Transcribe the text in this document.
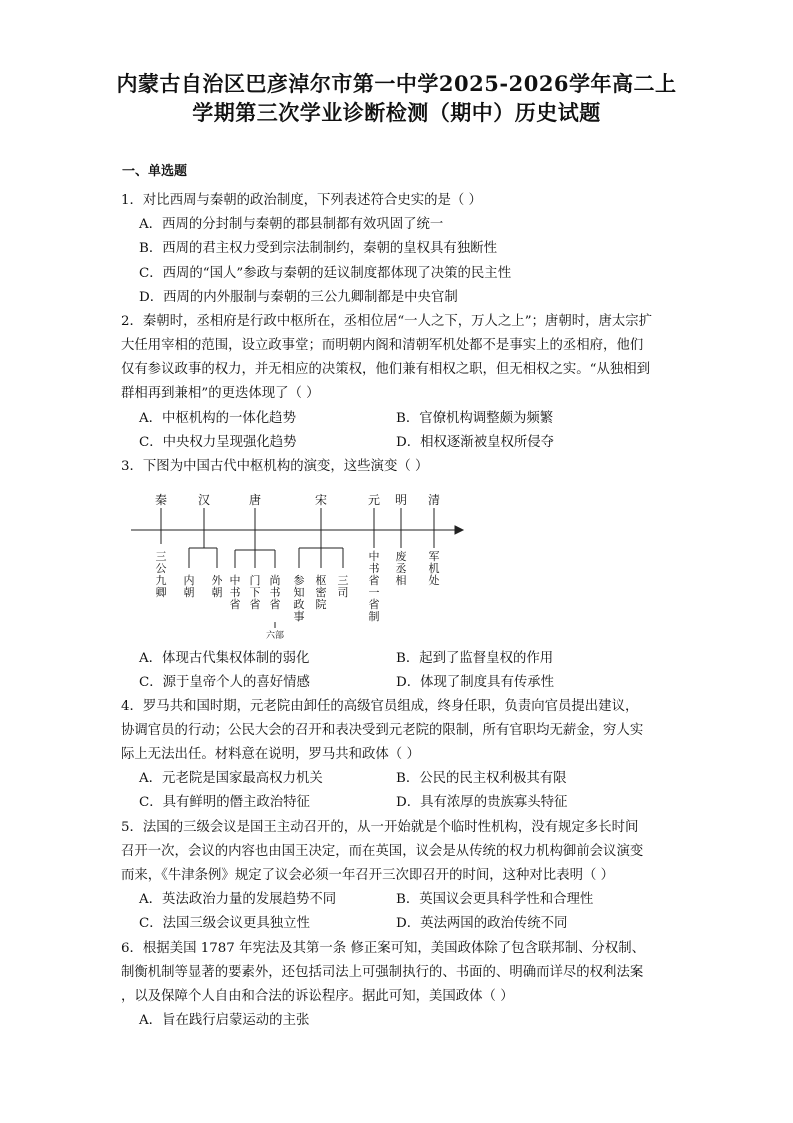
内蒙古自治区巴彦淖尔市第一中学2025-2026学年高二上
学期第三次学业诊断检测（期中）历史试题
一、单选题
1．对比西周与秦朝的政治制度，下列表述符合史实的是（ ）
A．西周的分封制与秦朝的郡县制都有效巩固了统一
B．西周的君主权力受到宗法制制约，秦朝的皇权具有独断性
C．西周的“国人”参政与秦朝的廷议制度都体现了决策的民主性
D．西周的内外服制与秦朝的三公九卿制都是中央官制
2．秦朝时，丞相府是行政中枢所在，丞相位居“一人之下，万人之上”；唐朝时，唐太宗扩
大任用宰相的范围，设立政事堂；而明朝内阁和清朝军机处都不是事实上的丞相府，他们
仅有参议政事的权力，并无相应的决策权，他们兼有相权之职，但无相权之实。“从独相到
群相再到兼相”的更迭体现了（ ）
A．中枢机构的一体化趋势	B．官僚机构调整颇为频繁
C．中央权力呈现强化趋势	D．相权逐渐被皇权所侵夺
3．下图为中国古代中枢机构的演变，这些演变（ ）
秦	汉	唐	宋	元 明 清
三公九卿
内朝
外朝
中书省
门下省
尚书省
参知政事
枢密院
三司
中书省一省制
废丞相
军机处
六部
A．体现古代集权体制的弱化	B．起到了监督皇权的作用
C．源于皇帝个人的喜好情感	D．体现了制度具有传承性
4．罗马共和国时期，元老院由卸任的高级官员组成，终身任职，负责向官员提出建议，
协调官员的行动；公民大会的召开和表决受到元老院的限制，所有官职均无薪金，穷人实
际上无法出任。材料意在说明，罗马共和政体（ ）
A．元老院是国家最高权力机关	B．公民的民主权利极其有限
C．具有鲜明的僭主政治特征	D．具有浓厚的贵族寡头特征
5．法国的三级会议是国王主动召开的，从一开始就是个临时性机构，没有规定多长时间
召开一次，会议的内容也由国王决定，而在英国，议会是从传统的权力机构御前会议演变
而来，《牛津条例》规定了议会必须一年召开三次即召开的时间，这种对比表明（ ）
A．英法政治力量的发展趋势不同	B．英国议会更具科学性和合理性
C．法国三级会议更具独立性	D．英法两国的政治传统不同
6．根据美国 1787 年宪法及其第一条 修正案可知，美国政体除了包含联邦制、分权制、
制衡机制等显著的要素外，还包括司法上可强制执行的、书面的、明确而详尽的权利法案
，以及保障个人自由和合法的诉讼程序。据此可知，美国政体（ ）
A．旨在践行启蒙运动的主张
